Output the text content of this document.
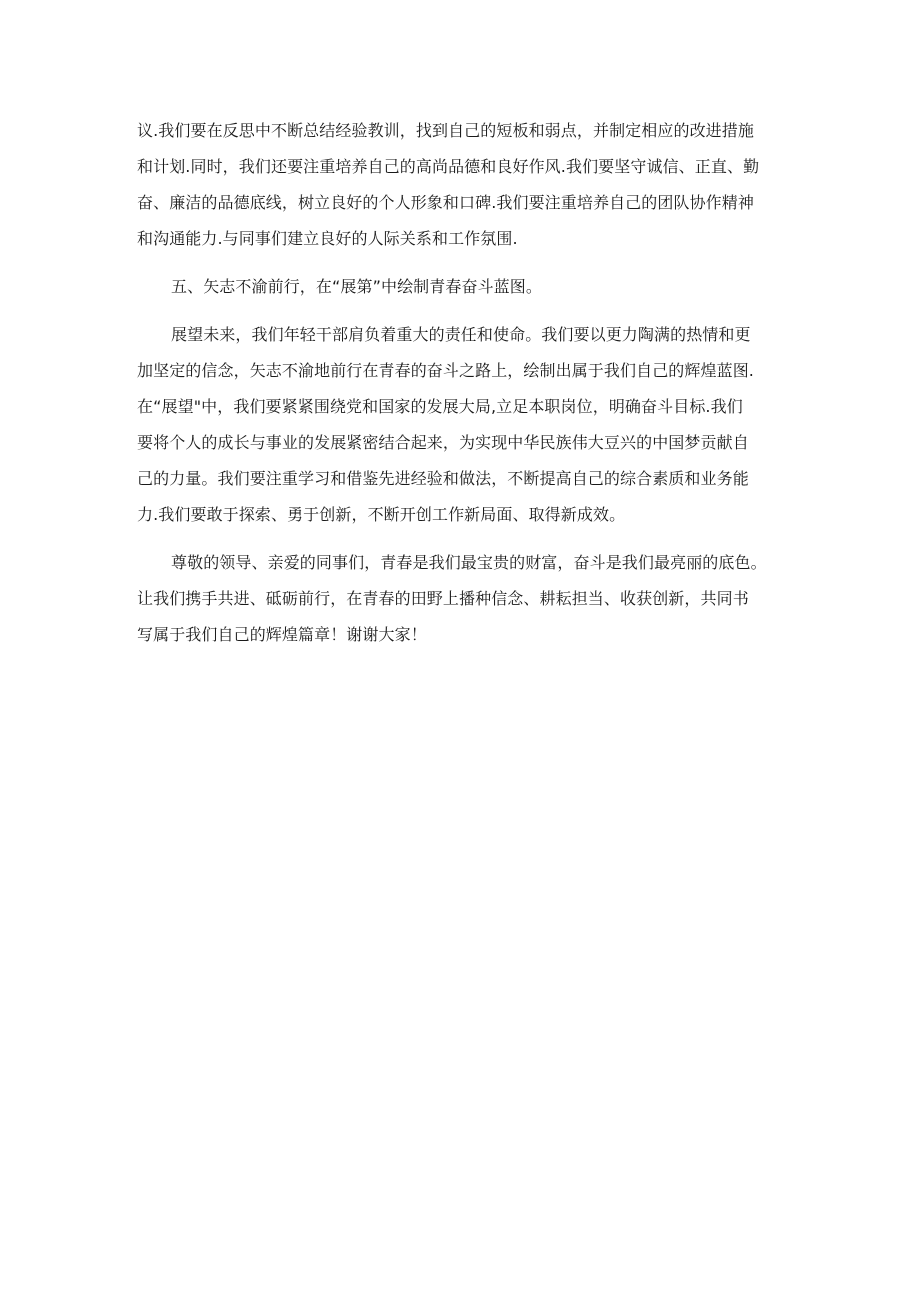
议.我们要在反思中不断总结经验教训，找到自己的短板和弱点，并制定相应的改进措施
和计划.同时，我们还要注重培养自己的高尚品德和良好作风.我们要坚守诚信、正直、勤
奋、廉洁的品德底线，树立良好的个人形象和口碑.我们要注重培养自己的团队协作精神
和沟通能力.与同事们建立良好的人际关系和工作氛围.

五、矢志不渝前行，在“展第”中绘制青春奋斗蓝图。

展望未来，我们年轻干部肩负着重大的责任和使命。我们要以更力陶满的热情和更
加坚定的信念，矢志不渝地前行在青春的奋斗之路上，绘制出属于我们自己的辉煌蓝图.
在“展望"中，我们要紧紧围绕党和国家的发展大局,立足本职岗位，明确奋斗目标.我们
要将个人的成长与事业的发展紧密结合起来，为实现中华民族伟大豆兴的中国梦贡献自
己的力量。我们要注重学习和借鉴先进经验和做法，不断提高自己的综合素质和业务能
力.我们要敢于探索、勇于创新，不断开创工作新局面、取得新成效。

尊敬的领导、亲爱的同事们，青春是我们最宝贵的财富，奋斗是我们最亮丽的底色。
让我们携手共进、砥砺前行，在青春的田野上播种信念、耕耘担当、收获创新，共同书
写属于我们自己的辉煌篇章！谢谢大家！
